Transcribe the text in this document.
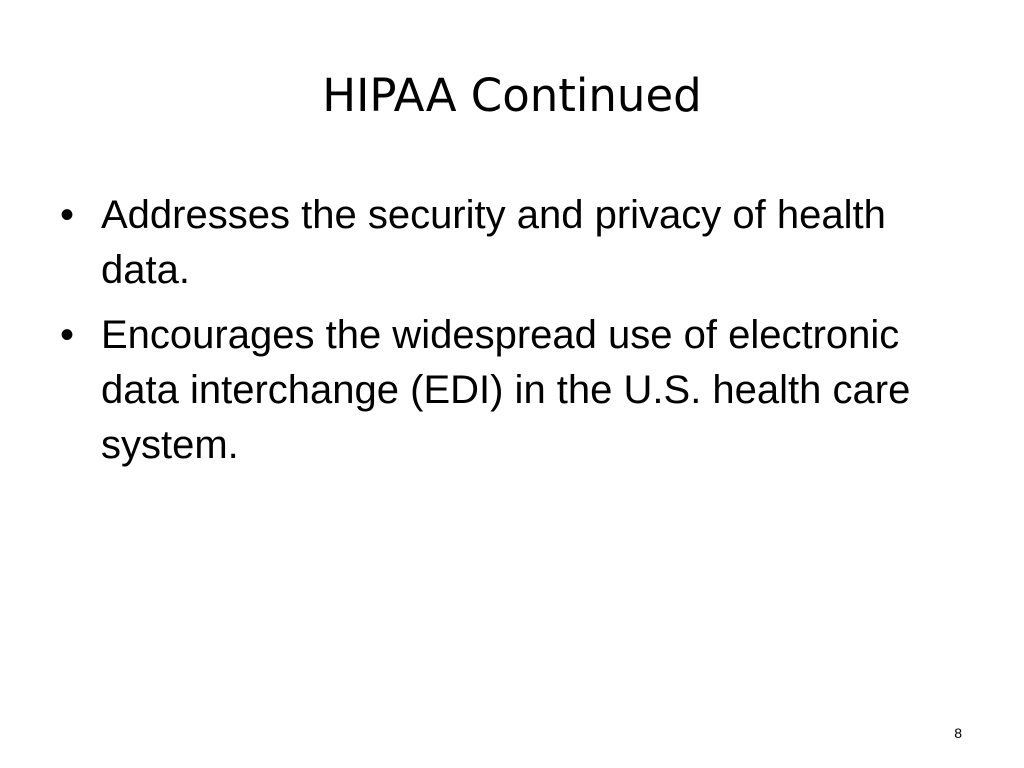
HIPAA Continued
• Addresses the security and privacy of health data.
• Encourages the widespread use of electronic data interchange (EDI) in the U.S. health care system.
8
